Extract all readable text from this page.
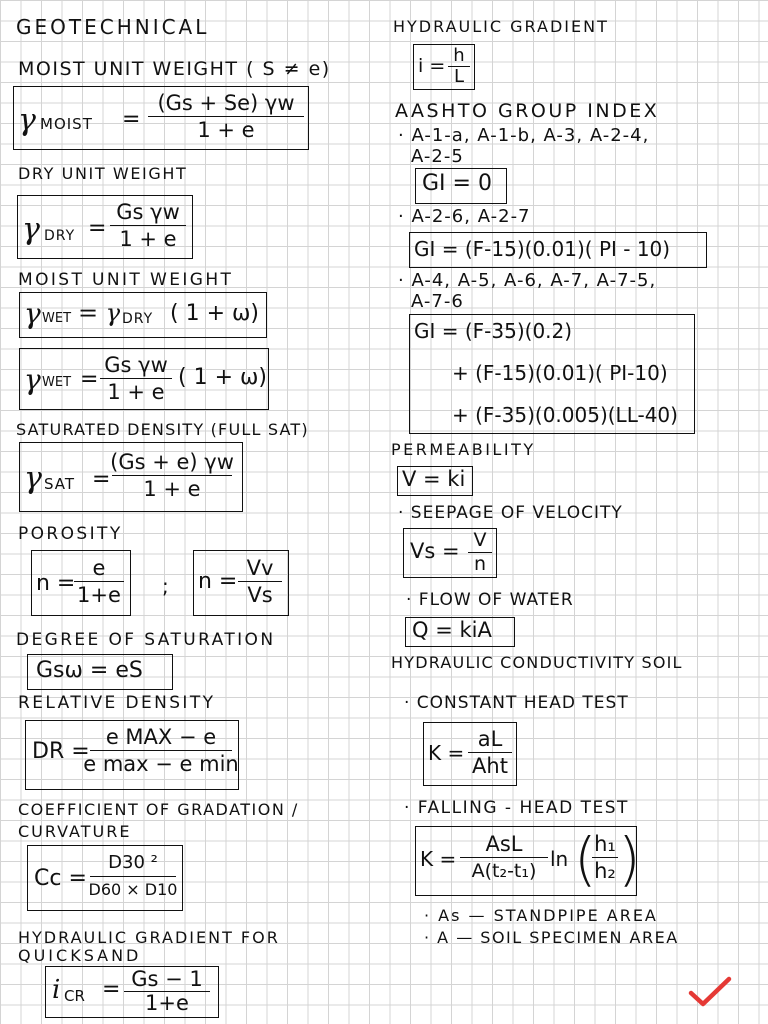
GEOTECHNICAL
MOIST UNIT WEIGHT ( S ≠ e)
γ MOIST =
(Gs + Se) γw
1 + e
DRY UNIT WEIGHT
γ DRY =
Gs γw
1 + e
MOIST UNIT WEIGHT
γ WET = γ DRY ( 1 + ω)
γ WET =
Gs γw
1 + e
( 1 + ω)
SATURATED DENSITY (FULL SAT)
γ SAT =
(Gs + e) γw
1 + e
POROSITY
n =
e
1+e ; n =
Vv
Vs
DEGREE OF SATURATION
Gsω = eS
RELATIVE DENSITY
DR =
e MAX − e
e max − e min
COEFFICIENT OF GRADATION /
CURVATURE
Cc =
D30 ²
D60 × D10
HYDRAULIC GRADIENT FOR
QUICKSAND
i CR = Gs − 1
1+e
HYDRAULIC GRADIENT
i = h
L
AASHTO GROUP INDEX
· A-1-a, A-1-b, A-3, A-2-4,
A-2-5
GI = 0
· A-2-6, A-2-7
GI = (F-15)(0.01)( PI - 10)
· A-4, A-5, A-6, A-7, A-7-5,
A-7-6
GI = (F-35)(0.2)
+ (F-15)(0.01)( PI-10)
+ (F-35)(0.005)(LL-40)
PERMEABILITY
V = ki
· SEEPAGE OF VELOCITY
Vs = V
n
· FLOW OF WATER
Q = kiA
HYDRAULIC CONDUCTIVITY SOIL
· CONSTANT HEAD TEST
K =
aL
Aht
· FALLING - HEAD TEST
K =
AsL
A(t₂-t₁) ln (
h₁
h₂ )
· As — STANDPIPE AREA
· A — SOIL SPECIMEN AREA
